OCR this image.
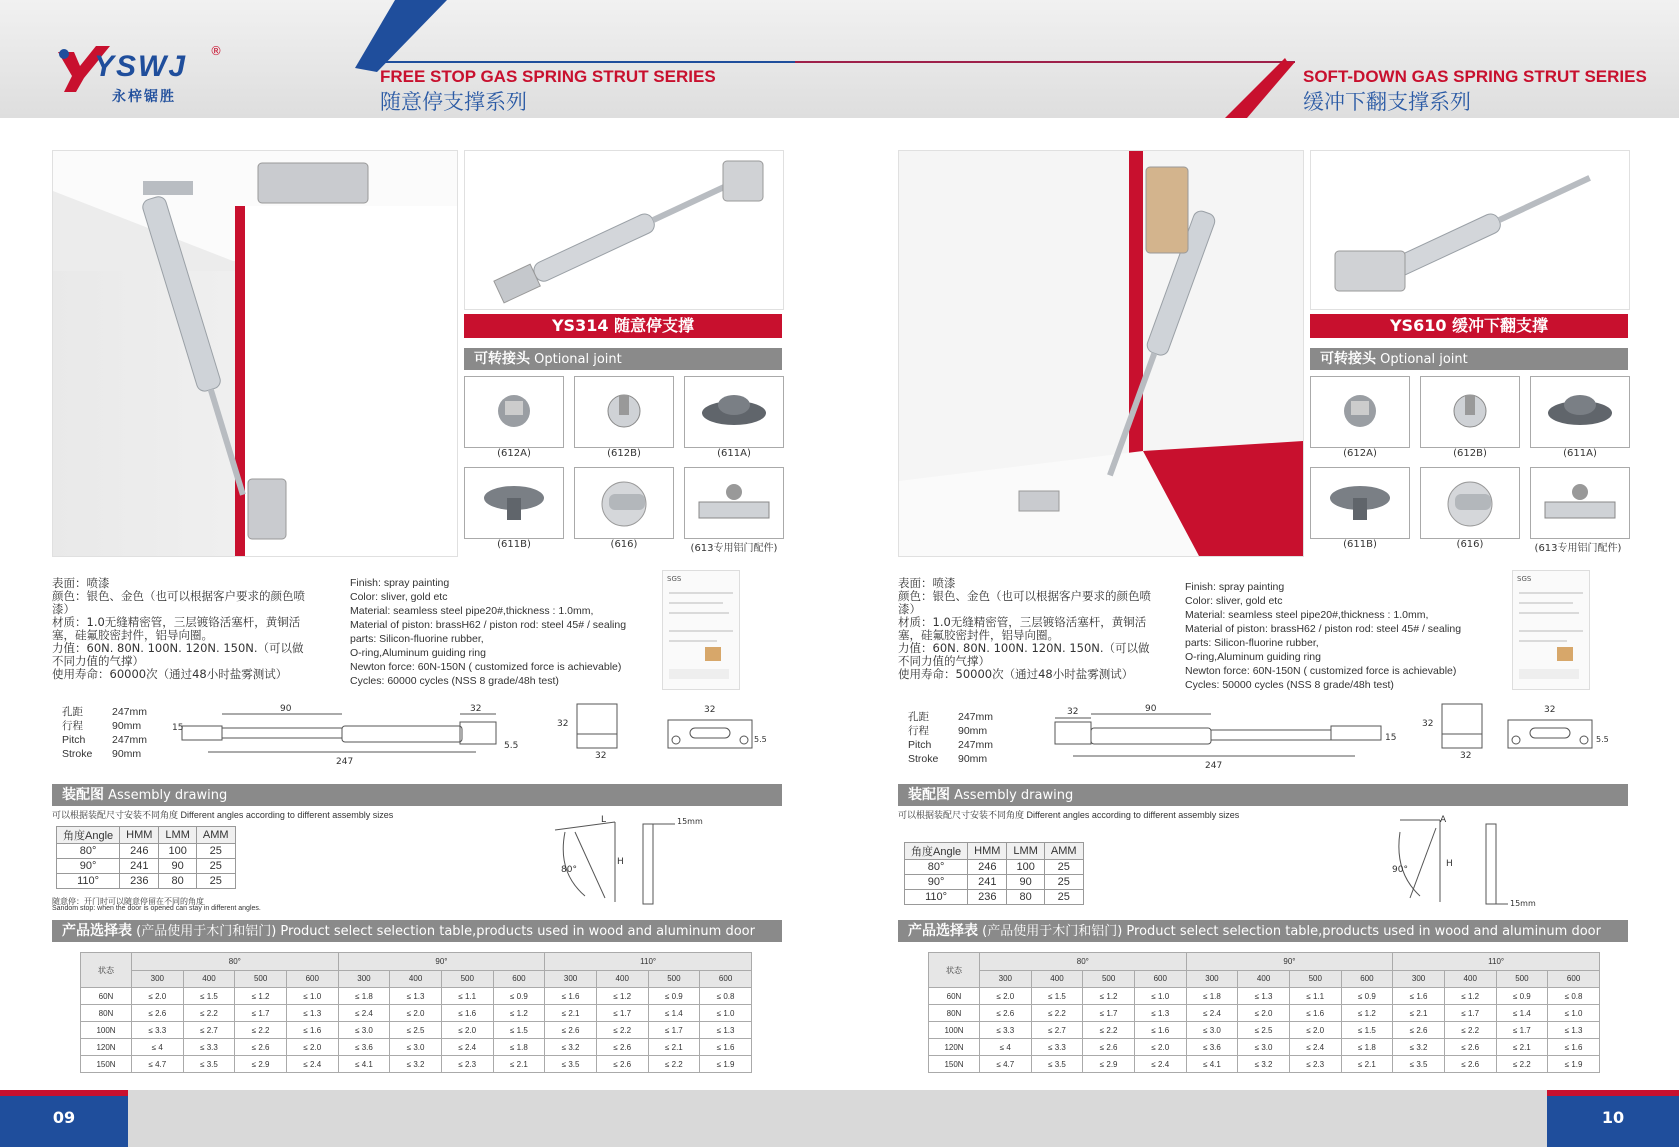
YSWJ ®
永梓锯胜
FREE STOP GAS SPRING STRUT SERIES
随意停支撑系列
SOFT-DOWN GAS SPRING STRUT SERIES
缓冲下翻支撑系列
YS314 随意停支撑
可转接头 Optional joint
(612A)	(612B)	(611A)
(611B)	(616)	(613专用铝门配件)
表面：喷漆
颜色：银色、金色（也可以根据客户要求的颜色喷漆）
材质：1.0无缝精密管，三层镀铬活塞杆，黄铜活塞，硅氟胶密封件，铝导向圈。
力值：60N. 80N. 100N. 120N. 150N.（可以做不同力值的气撑）
使用寿命：60000次（通过48小时盐雾测试）
Finish: spray painting
Color: sliver, gold etc
Material: seamless steel pipe20#,thickness : 1.0mm,
Material of piston: brassH62 / piston rod: steel 45# / sealing
parts: Silicon-fluorine rubber,
O-ring,Aluminum guiding ring
Newton force: 60N-150N ( customized force is achievable)
Cycles: 60000 cycles (NSS 8 grade/48h test)
SGS
孔距	247mm
行程	90mm
Pitch	247mm
Stroke 90mm
90	32
15
5.5
247
32
32
32
5.5
装配图 Assembly drawing
可以根据装配尺寸安装不同角度 Different angles according to different assembly sizes
角度Angle	HMM	LMM	AMM
80°	246	100	25
90°	241	90	25
110°	236	80	25
L
H
80°
15mm
随意停：开门时可以随意停留在不同的角度
Sandom stop: when the door is opened can stay in different angles.
产品选择表 (产品使用于木门和铝门) Product select selection table,products used in wood and aluminum door
状态	80°				90°				110°			
	300	400	500	600	300	400	500	600	300	400	500	600
60N	≤ 2.0	≤ 1.5	≤ 1.2	≤ 1.0	≤ 1.8	≤ 1.3	≤ 1.1	≤ 0.9	≤ 1.6	≤ 1.2	≤ 0.9	≤ 0.8
80N	≤ 2.6	≤ 2.2	≤ 1.7	≤ 1.3	≤ 2.4	≤ 2.0	≤ 1.6	≤ 1.2	≤ 2.1	≤ 1.7	≤ 1.4	≤ 1.0
100N	≤ 3.3	≤ 2.7	≤ 2.2	≤ 1.6	≤ 3.0	≤ 2.5	≤ 2.0	≤ 1.5	≤ 2.6	≤ 2.2	≤ 1.7	≤ 1.3
120N	≤ 4	≤ 3.3	≤ 2.6	≤ 2.0	≤ 3.6	≤ 3.0	≤ 2.4	≤ 1.8	≤ 3.2	≤ 2.6	≤ 2.1	≤ 1.6
150N	≤ 4.7	≤ 3.5	≤ 2.9	≤ 2.4	≤ 4.1	≤ 3.2	≤ 2.3	≤ 2.1	≤ 3.5	≤ 2.6	≤ 2.2	≤ 1.9
YS610 缓冲下翻支撑
可转接头 Optional joint
(612A)	(612B)	(611A)
(611B)	(616)	(613专用铝门配件)
表面：喷漆
颜色：银色、金色（也可以根据客户要求的颜色喷漆）
材质：1.0无缝精密管，三层镀铬活塞杆，黄铜活塞，硅氟胶密封件，铝导向圈。
力值：60N. 80N. 100N. 120N. 150N.（可以做不同力值的气撑）
使用寿命：50000次（通过48小时盐雾测试）
Finish: spray painting
Color: sliver, gold etc
Material: seamless steel pipe20#,thickness : 1.0mm,
Material of piston: brassH62 / piston rod: steel 45# / sealing
parts: Silicon-fluorine rubber,
O-ring,Aluminum guiding ring
Newton force: 60N-150N ( customized force is achievable)
Cycles: 50000 cycles (NSS 8 grade/48h test)
SGS
孔距	247mm
行程	90mm
Pitch	247mm
Stroke 90mm
90
32
15
247
32
32
32
5.5
装配图 Assembly drawing
可以根据装配尺寸安装不同角度 Different angles according to different assembly sizes
角度Angle	HMM	LMM	AMM
80°	246	100	25
90°	241	90	25
110°	236	80	25
A
H
90°
15mm
产品选择表 (产品使用于木门和铝门) Product select selection table,products used in wood and aluminum door
状态	80°				90°				110°			
	300	400	500	600	300	400	500	600	300	400	500	600
60N	≤ 2.0	≤ 1.5	≤ 1.2	≤ 1.0	≤ 1.8	≤ 1.3	≤ 1.1	≤ 0.9	≤ 1.6	≤ 1.2	≤ 0.9	≤ 0.8
80N	≤ 2.6	≤ 2.2	≤ 1.7	≤ 1.3	≤ 2.4	≤ 2.0	≤ 1.6	≤ 1.2	≤ 2.1	≤ 1.7	≤ 1.4	≤ 1.0
100N	≤ 3.3	≤ 2.7	≤ 2.2	≤ 1.6	≤ 3.0	≤ 2.5	≤ 2.0	≤ 1.5	≤ 2.6	≤ 2.2	≤ 1.7	≤ 1.3
120N	≤ 4	≤ 3.3	≤ 2.6	≤ 2.0	≤ 3.6	≤ 3.0	≤ 2.4	≤ 1.8	≤ 3.2	≤ 2.6	≤ 2.1	≤ 1.6
150N	≤ 4.7	≤ 3.5	≤ 2.9	≤ 2.4	≤ 4.1	≤ 3.2	≤ 2.3	≤ 2.1	≤ 3.5	≤ 2.6	≤ 2.2	≤ 1.9
09	10
